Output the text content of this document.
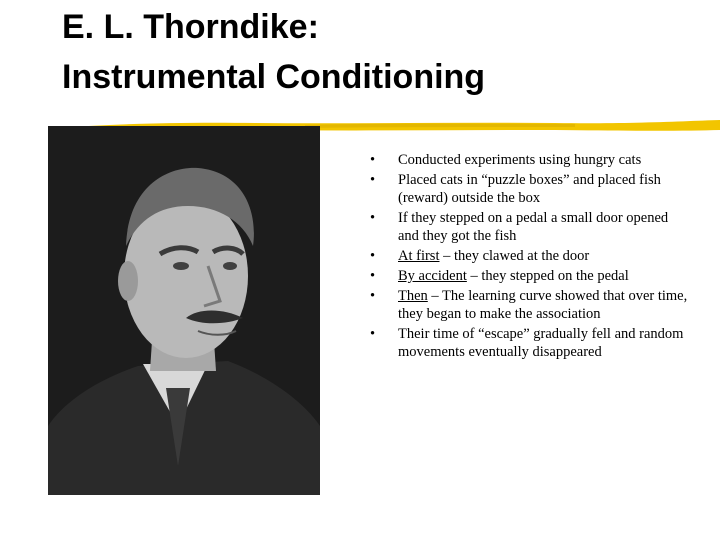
E. L. Thorndike:
Instrumental Conditioning
• Conducted experiments using hungry cats
• Placed cats in “puzzle boxes” and placed fish (reward) outside the box
• If they stepped on a pedal a small door opened and they got the fish
• At first – they clawed at the door
• By accident – they stepped on the pedal
• Then – The learning curve showed that over time, they began to make the association
• Their time of “escape” gradually fell and random movements eventually disappeared
